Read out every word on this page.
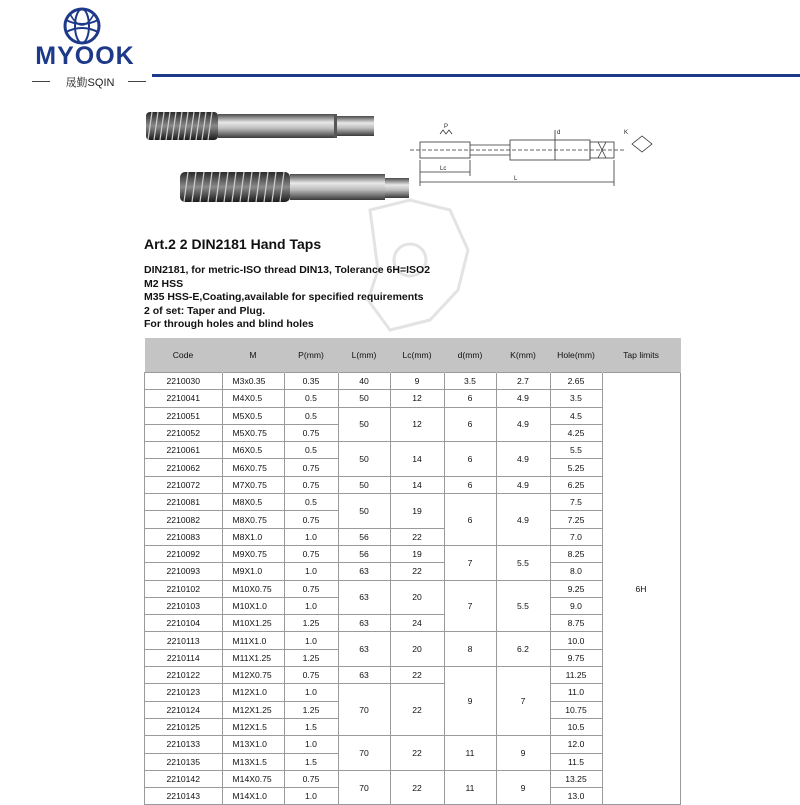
MYOOK
晟勤SQIN
P
d	K
Lc
L
Art.2 2 DIN2181 Hand Taps
DIN2181, for metric-ISO thread DIN13, Tolerance 6H=ISO2
M2 HSS
M35 HSS-E,Coating,available for specified requirements
2 of set: Taper and Plug.
For through holes and blind holes
Code	M	P(mm)	L(mm)	Lc(mm)	d(mm)	K(mm)	Hole(mm)	Tap limits
2210030	M3x0.35	0.35	40	9	3.5	2.7	2.65	6H
2210041	M4X0.5	0.5	50	12	6	4.9	3.5	
2210051	M5X0.5	0.5	50	12	6	4.9	4.5	
2210052	M5X0.75	0.75					4.25	
2210061	M6X0.5	0.5	50	14	6	4.9	5.5	
2210062	M6X0.75	0.75					5.25	
2210072	M7X0.75	0.75	50	14	6	4.9	6.25	
2210081	M8X0.5	0.5	50	19	6	4.9	7.5	
2210082	M8X0.75	0.75					7.25	
2210083	M8X1.0	1.0	56	22			7.0	
2210092	M9X0.75	0.75	56	19	7	5.5	8.25	
2210093	M9X1.0	1.0	63	22			8.0	
2210102	M10X0.75	0.75	63	20	7	5.5	9.25	
2210103	M10X1.0	1.0					9.0	
2210104	M10X1.25	1.25	63	24			8.75	
2210113	M11X1.0	1.0	63	20	8	6.2	10.0	
2210114	M11X1.25	1.25					9.75	
2210122	M12X0.75	0.75	63	22	9	7	11.25	
2210123	M12X1.0	1.0	70	22			11.0	
2210124	M12X1.25	1.25					10.75	
2210125	M12X1.5	1.5					10.5	
2210133	M13X1.0	1.0	70	22	11	9	12.0	
2210135	M13X1.5	1.5					11.5	
2210142	M14X0.75	0.75	70	22	11	9	13.25	
2210143	M14X1.0	1.0					13.0	
